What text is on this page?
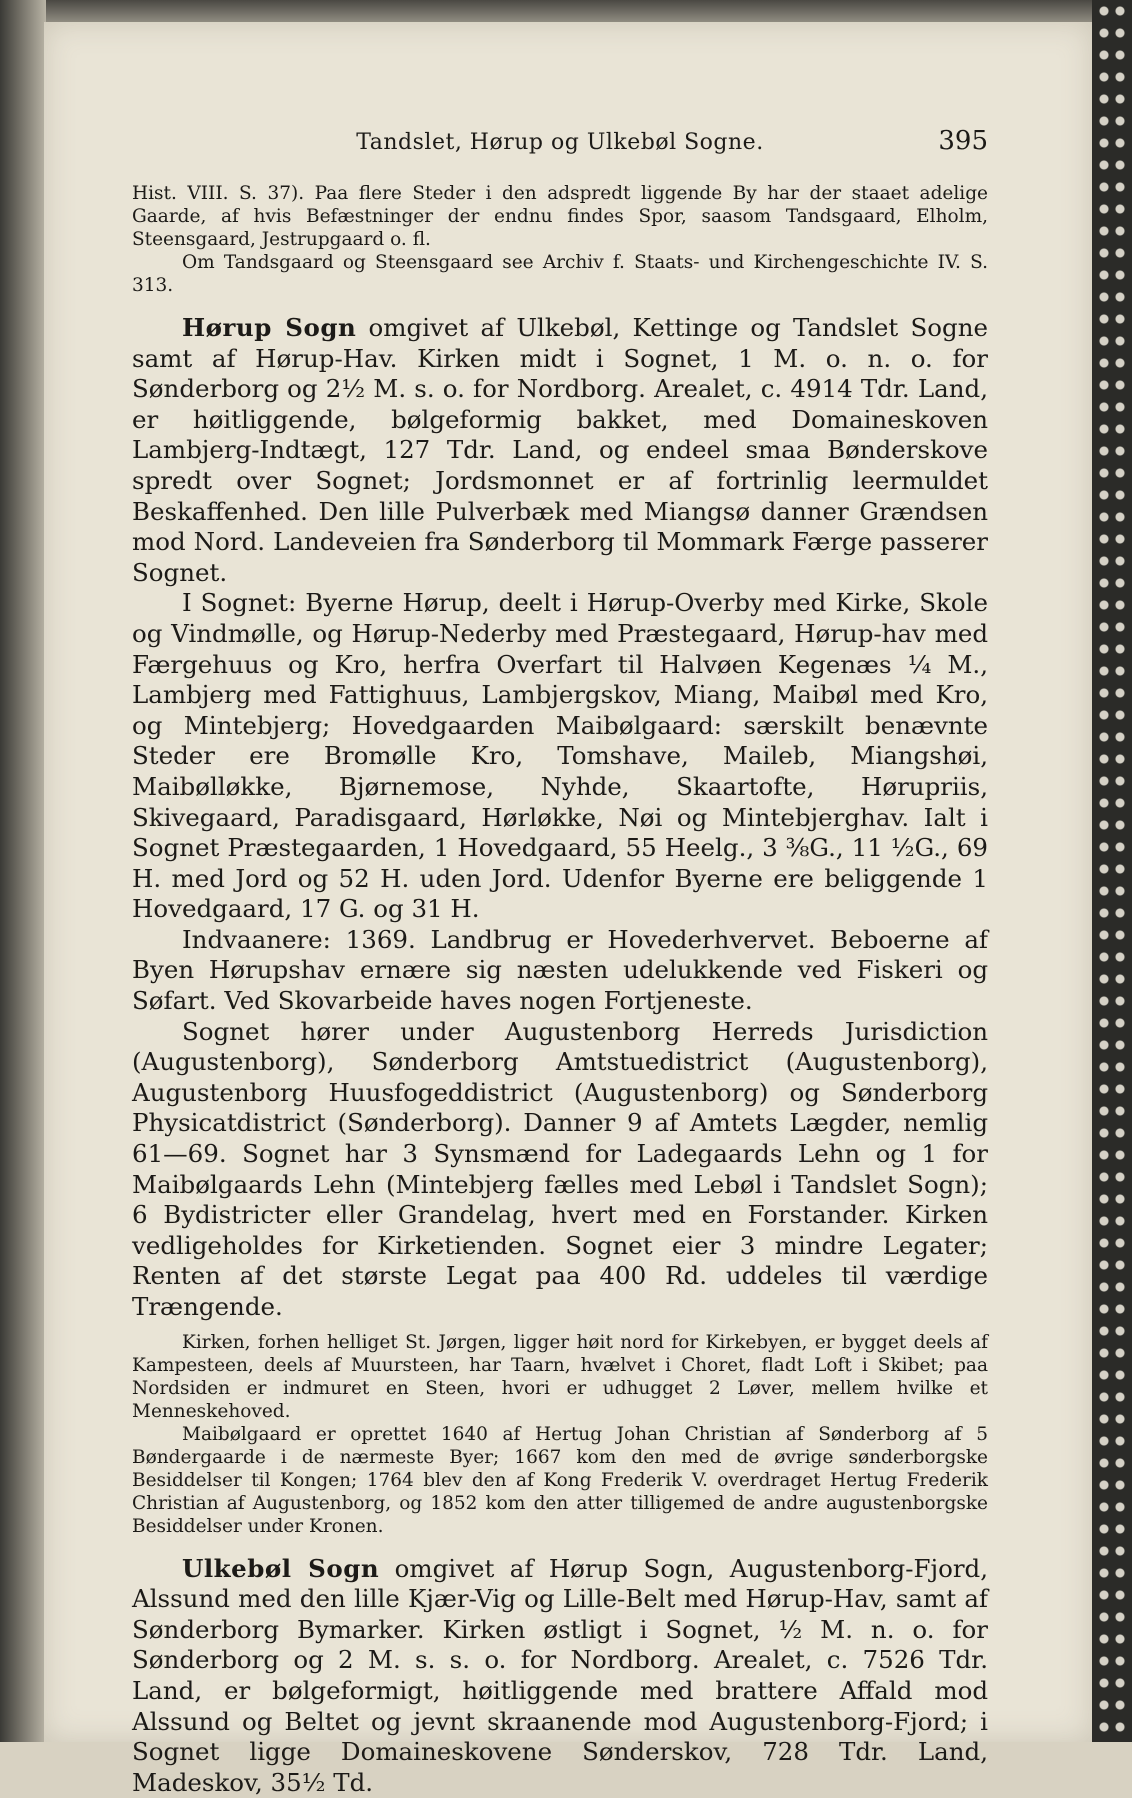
Tandslet, Hørup og Ulkebøl Sogne.	395

Hist. VIII. S. 37). Paa flere Steder i den adspredt liggende By har der staaet adelige Gaarde, af hvis Befæstninger der endnu findes Spor, saasom Tandsgaard, Elholm, Steensgaard, Jestrupgaard o. fl.

Om Tandsgaard og Steensgaard see Archiv f. Staats- und Kirchengeschichte IV. S. 313.

Hørup Sogn omgivet af Ulkebøl, Kettinge og Tandslet Sogne samt af Hørup-Hav. Kirken midt i Sognet, 1 M. o. n. o. for Sønderborg og 2½ M. s. o. for Nordborg. Arealet, c. 4914 Tdr. Land, er høitliggende, bølgeformig bakket, med Domaineskoven Lambjerg-Indtægt, 127 Tdr. Land, og endeel smaa Bønderskove spredt over Sognet; Jordsmonnet er af fortrinlig leermuldet Beskaffenhed. Den lille Pulverbæk med Miangsø danner Grændsen mod Nord. Landeveien fra Sønderborg til Mommark Færge passerer Sognet.

I Sognet: Byerne Hørup, deelt i Hørup-Overby med Kirke, Skole og Vindmølle, og Hørup-Nederby med Præstegaard, Hørup-hav med Færgehuus og Kro, herfra Overfart til Halvøen Kegenæs ¼ M., Lambjerg med Fattighuus, Lambjergskov, Miang, Maibøl med Kro, og Mintebjerg; Hovedgaarden Maibølgaard: særskilt benævnte Steder ere Bromølle Kro, Tomshave, Maileb, Miangshøi, Maibølløkke, Bjørnemose, Nyhde, Skaartofte, Hørupriis, Skivegaard, Paradisgaard, Hørløkke, Nøi og Mintebjerghav. Ialt i Sognet Præstegaarden, 1 Hovedgaard, 55 Heelg., 3 ⅜G., 11 ½G., 69 H. med Jord og 52 H. uden Jord. Udenfor Byerne ere beliggende 1 Hovedgaard, 17 G. og 31 H.

Indvaanere: 1369. Landbrug er Hovederhvervet. Beboerne af Byen Hørupshav ernære sig næsten udelukkende ved Fiskeri og Søfart. Ved Skovarbeide haves nogen Fortjeneste.

Sognet hører under Augustenborg Herreds Jurisdiction (Augustenborg), Sønderborg Amtstuedistrict (Augustenborg), Augustenborg Huusfogeddistrict (Augustenborg) og Sønderborg Physicatdistrict (Sønderborg). Danner 9 af Amtets Lægder, nemlig 61—69. Sognet har 3 Synsmænd for Ladegaards Lehn og 1 for Maibølgaards Lehn (Mintebjerg fælles med Lebøl i Tandslet Sogn); 6 Bydistricter eller Grandelag, hvert med en Forstander. Kirken vedligeholdes for Kirketienden. Sognet eier 3 mindre Legater; Renten af det største Legat paa 400 Rd. uddeles til værdige Trængende.

Kirken, forhen helliget St. Jørgen, ligger høit nord for Kirkebyen, er bygget deels af Kampesteen, deels af Muursteen, har Taarn, hvælvet i Choret, fladt Loft i Skibet; paa Nordsiden er indmuret en Steen, hvori er udhugget 2 Løver, mellem hvilke et Menneskehoved.

Maibølgaard er oprettet 1640 af Hertug Johan Christian af Sønderborg af 5 Bøndergaarde i de nærmeste Byer; 1667 kom den med de øvrige sønderborgske Besiddelser til Kongen; 1764 blev den af Kong Frederik V. overdraget Hertug Frederik Christian af Augustenborg, og 1852 kom den atter tilligemed de andre augustenborgske Besiddelser under Kronen.

Ulkebøl Sogn omgivet af Hørup Sogn, Augustenborg-Fjord, Alssund med den lille Kjær-Vig og Lille-Belt med Hørup-Hav, samt af Sønderborg Bymarker. Kirken østligt i Sognet, ½ M. n. o. for Sønderborg og 2 M. s. s. o. for Nordborg. Arealet, c. 7526 Tdr. Land, er bølgeformigt, høitliggende med brattere Affald mod Alssund og Beltet og jevnt skraanende mod Augustenborg-Fjord; i Sognet ligge Domaineskovene Sønderskov, 728 Tdr. Land, Madeskov, 35½ Td.
